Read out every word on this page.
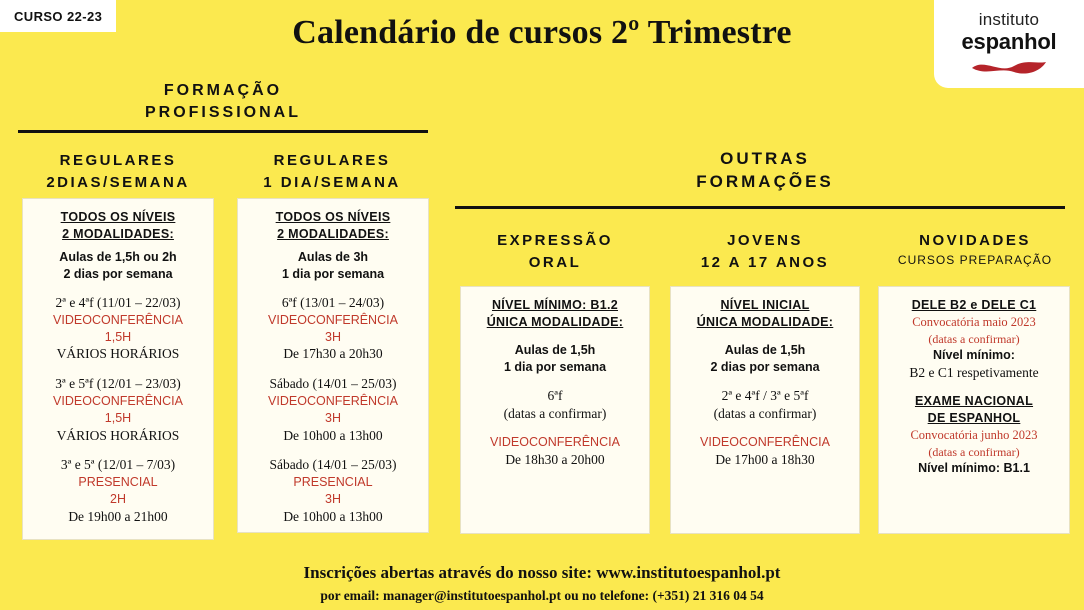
CURSO 22-23	Calendário de cursos 2º Trimestre	instituto
espanhol
FORMAÇÃO
PROFISSIONAL
REGULARES
2DIAS/SEMANA
REGULARES
1 DIA/SEMANA
TODOS OS NÍVEIS
2 MODALIDADES:
Aulas de 1,5h ou 2h
2 dias por semana
2ª e 4ªf (11/01 – 22/03)
VIDEOCONFERÊNCIA
1,5H
VÁRIOS HORÁRIOS
3ª e 5ªf (12/01 – 23/03)
VIDEOCONFERÊNCIA
1,5H
VÁRIOS HORÁRIOS
3ª e 5ª (12/01 – 7/03)
PRESENCIAL
2H
De 19h00 a 21h00
TODOS OS NÍVEIS
2 MODALIDADES:
Aulas de 3h
1 dia por semana
6ªf (13/01 – 24/03)
VIDEOCONFERÊNCIA
3H
De 17h30 a 20h30
Sábado (14/01 – 25/03)
VIDEOCONFERÊNCIA
3H
De 10h00 a 13h00
Sábado (14/01 – 25/03)
PRESENCIAL
3H
De 10h00 a 13h00
OUTRAS
FORMAÇÕES
EXPRESSÃO
ORAL
JOVENS
12 A 17 ANOS
NOVIDADES
CURSOS PREPARAÇÃO
NÍVEL MÍNIMO: B1.2
ÚNICA MODALIDADE:
Aulas de 1,5h
1 dia por semana
6ªf
(datas a confirmar)
VIDEOCONFERÊNCIA
De 18h30 a 20h00
NÍVEL INICIAL
ÚNICA MODALIDADE:
Aulas de 1,5h
2 dias por semana
2ª e 4ªf / 3ª e 5ªf
(datas a confirmar)
VIDEOCONFERÊNCIA
De 17h00 a 18h30
DELE B2 e DELE C1
Convocatória maio 2023
(datas a confirmar)
Nível mínimo:
B2 e C1 respetivamente
EXAME NACIONAL
DE ESPANHOL
Convocatória junho 2023
(datas a confirmar)
Nível mínimo: B1.1
Inscrições abertas através do nosso site: www.institutoespanhol.pt
por email: manager@institutoespanhol.pt ou no telefone: (+351) 21 316 04 54
